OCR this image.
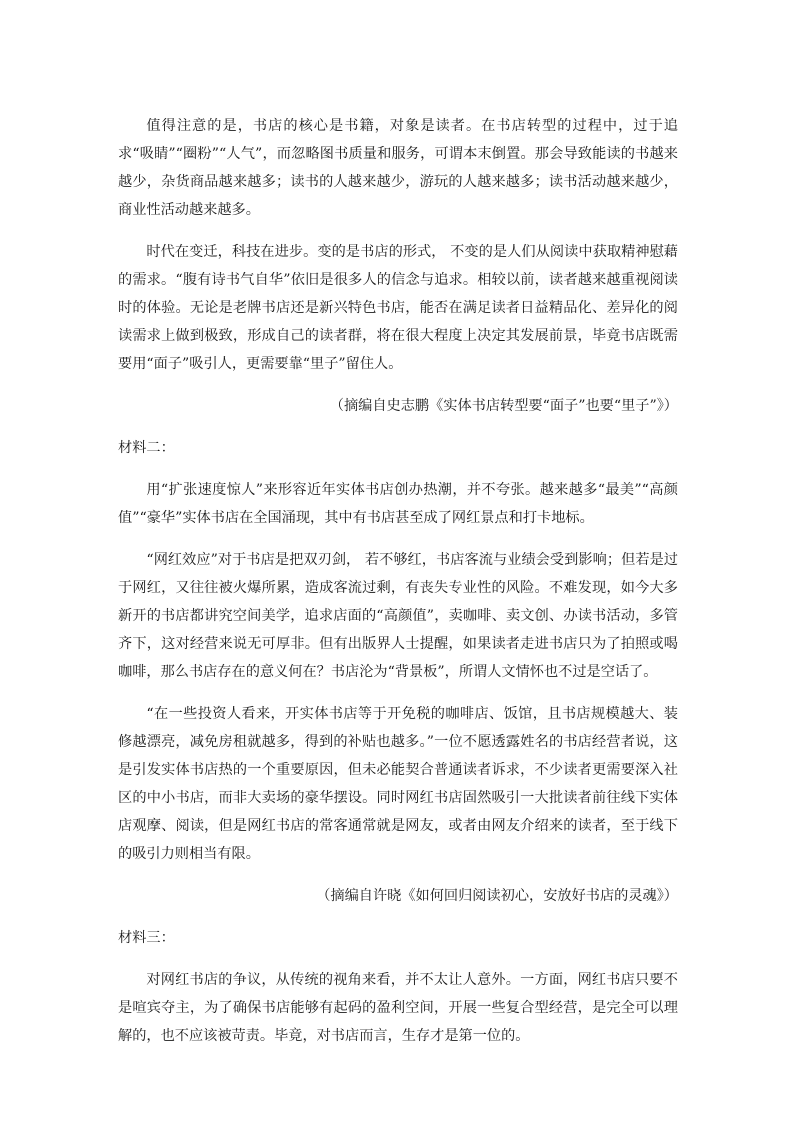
值得注意的是，书店的核心是书籍，对象是读者。在书店转型的过程中，过于追求“吸睛”“圈粉”“人气”，而忽略图书质量和服务，可谓本末倒置。那会导致能读的书越来越少，杂货商品越来越多；读书的人越来越少，游玩的人越来越多；读书活动越来越少，商业性活动越来越多。

时代在变迁，科技在进步。变的是书店的形式， 不变的是人们从阅读中获取精神慰藉的需求。“腹有诗书气自华”依旧是很多人的信念与追求。相较以前，读者越来越重视阅读时的体验。无论是老牌书店还是新兴特色书店，能否在满足读者日益精品化、差异化的阅读需求上做到极致，形成自己的读者群，将在很大程度上决定其发展前景，毕竟书店既需要用“面子”吸引人，更需要靠“里子”留住人。

（摘编自史志鹏《实体书店转型要“面子”也要“里子”》）

材料二：

用“扩张速度惊人”来形容近年实体书店创办热潮，并不夸张。越来越多“最美”“高颜值”“豪华”实体书店在全国涌现，其中有书店甚至成了网红景点和打卡地标。

“网红效应”对于书店是把双刃剑， 若不够红，书店客流与业绩会受到影响；但若是过于网红，又往往被火爆所累，造成客流过剩，有丧失专业性的风险。不难发现，如今大多新开的书店都讲究空间美学，追求店面的“高颜值”，卖咖啡、卖文创、办读书活动，多管齐下，这对经营来说无可厚非。但有出版界人士提醒，如果读者走进书店只为了拍照或喝咖啡，那么书店存在的意义何在？书店沦为“背景板”，所谓人文情怀也不过是空话了。

“在一些投资人看来，开实体书店等于开免税的咖啡店、饭馆，且书店规模越大、装修越漂亮，减免房租就越多，得到的补贴也越多。”一位不愿透露姓名的书店经营者说，这是引发实体书店热的一个重要原因，但未必能契合普通读者诉求，不少读者更需要深入社区的中小书店，而非大卖场的豪华摆设。同时网红书店固然吸引一大批读者前往线下实体店观摩、阅读，但是网红书店的常客通常就是网友，或者由网友介绍来的读者，至于线下的吸引力则相当有限。

（摘编自许晓《如何回归阅读初心，安放好书店的灵魂》）

材料三：

对网红书店的争议，从传统的视角来看，并不太让人意外。一方面，网红书店只要不是喧宾夺主，为了确保书店能够有起码的盈利空间，开展一些复合型经营，是完全可以理解的，也不应该被苛责。毕竟，对书店而言，生存才是第一位的。
